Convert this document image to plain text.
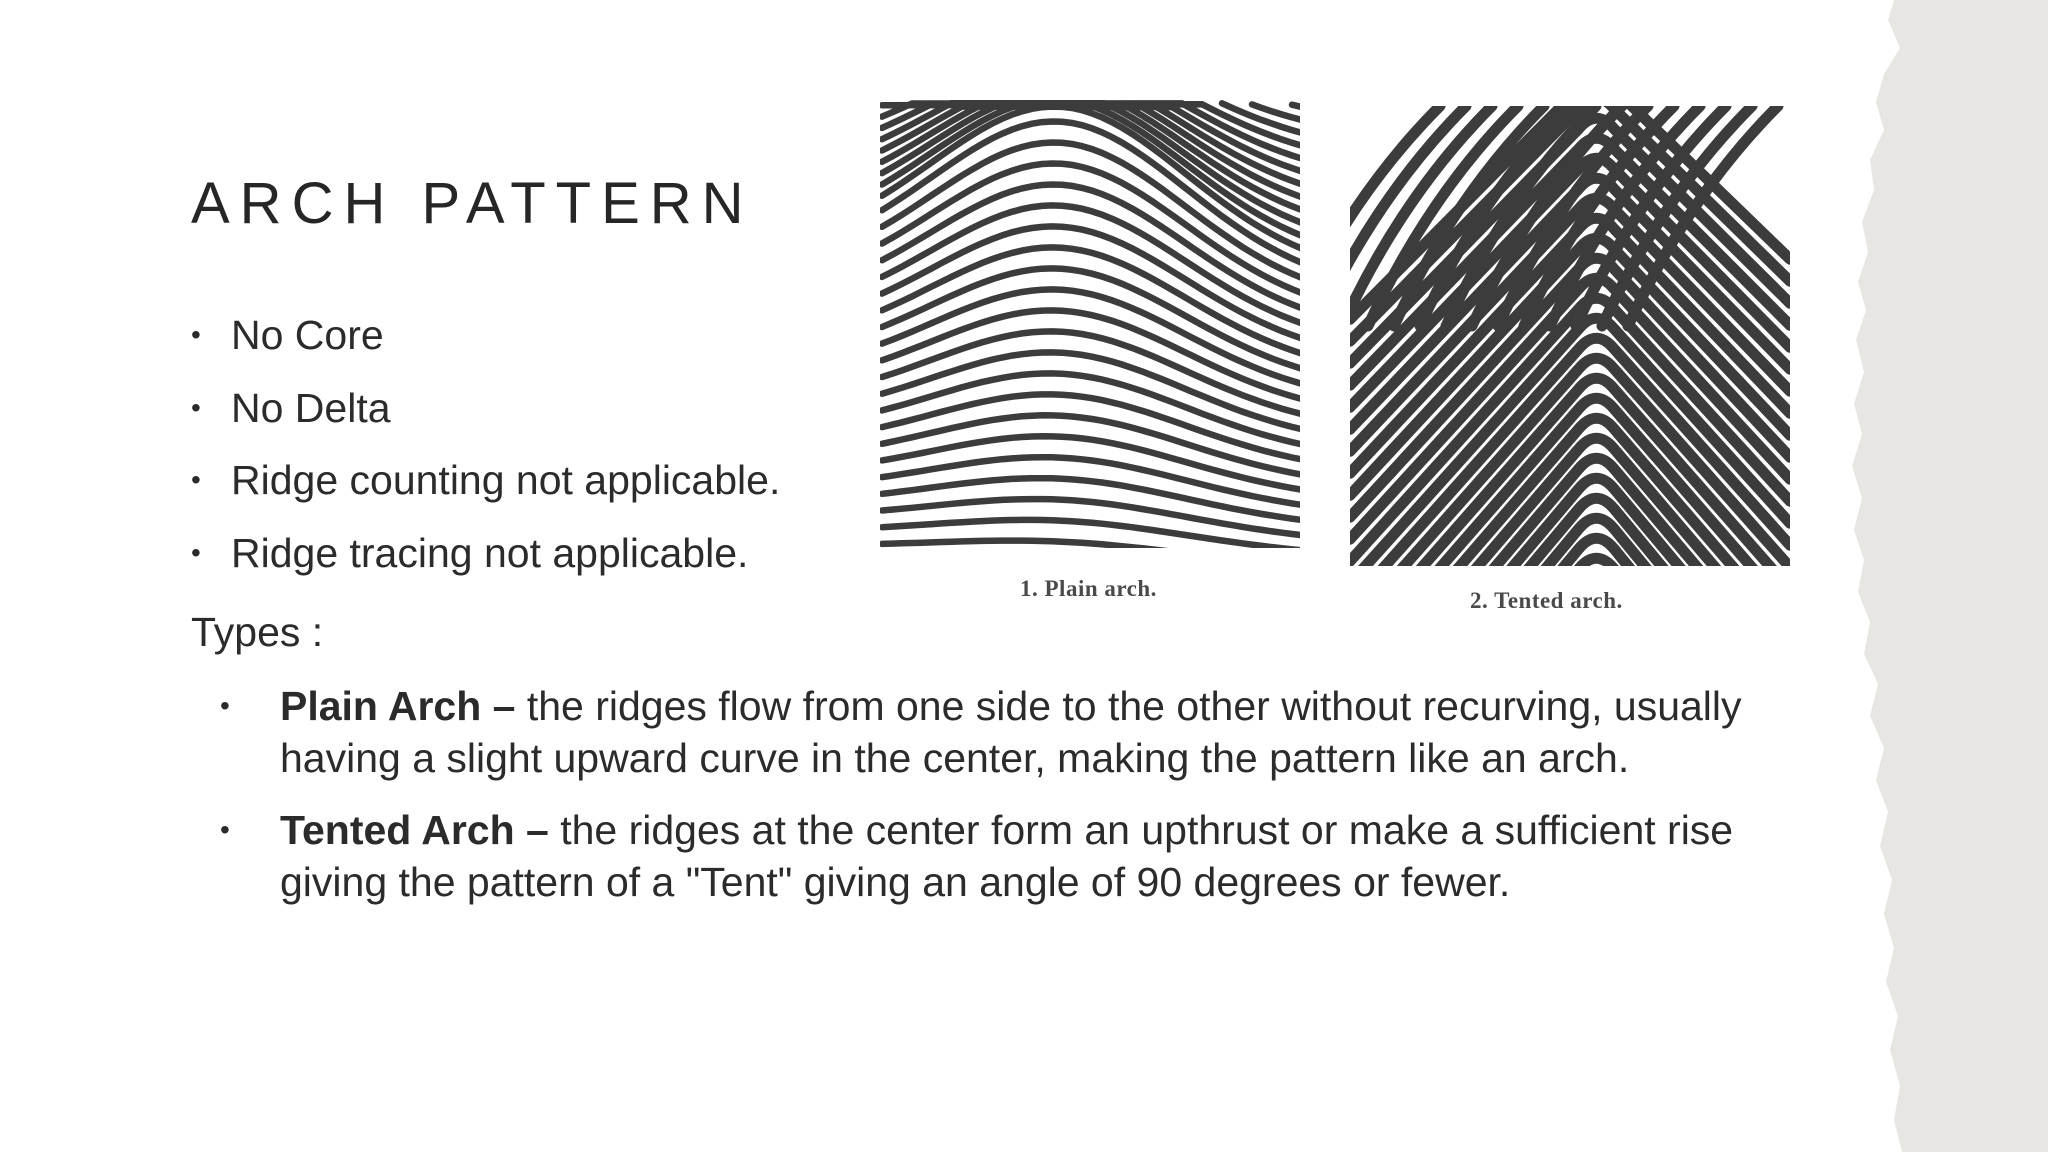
ARCH PATTERN
• No Core
• No Delta
• Ridge counting not applicable.
• Ridge tracing not applicable.

Types :

• Plain Arch – the ridges flow from one side to the other without recurving, usually having a slight upward curve in the center, making the pattern like an arch.
• Tented Arch – the ridges at the center form an upthrust or make a sufficient rise giving the pattern of a "Tent" giving an angle of 90 degrees or fewer.
1. Plain arch.	2. Tented arch.
